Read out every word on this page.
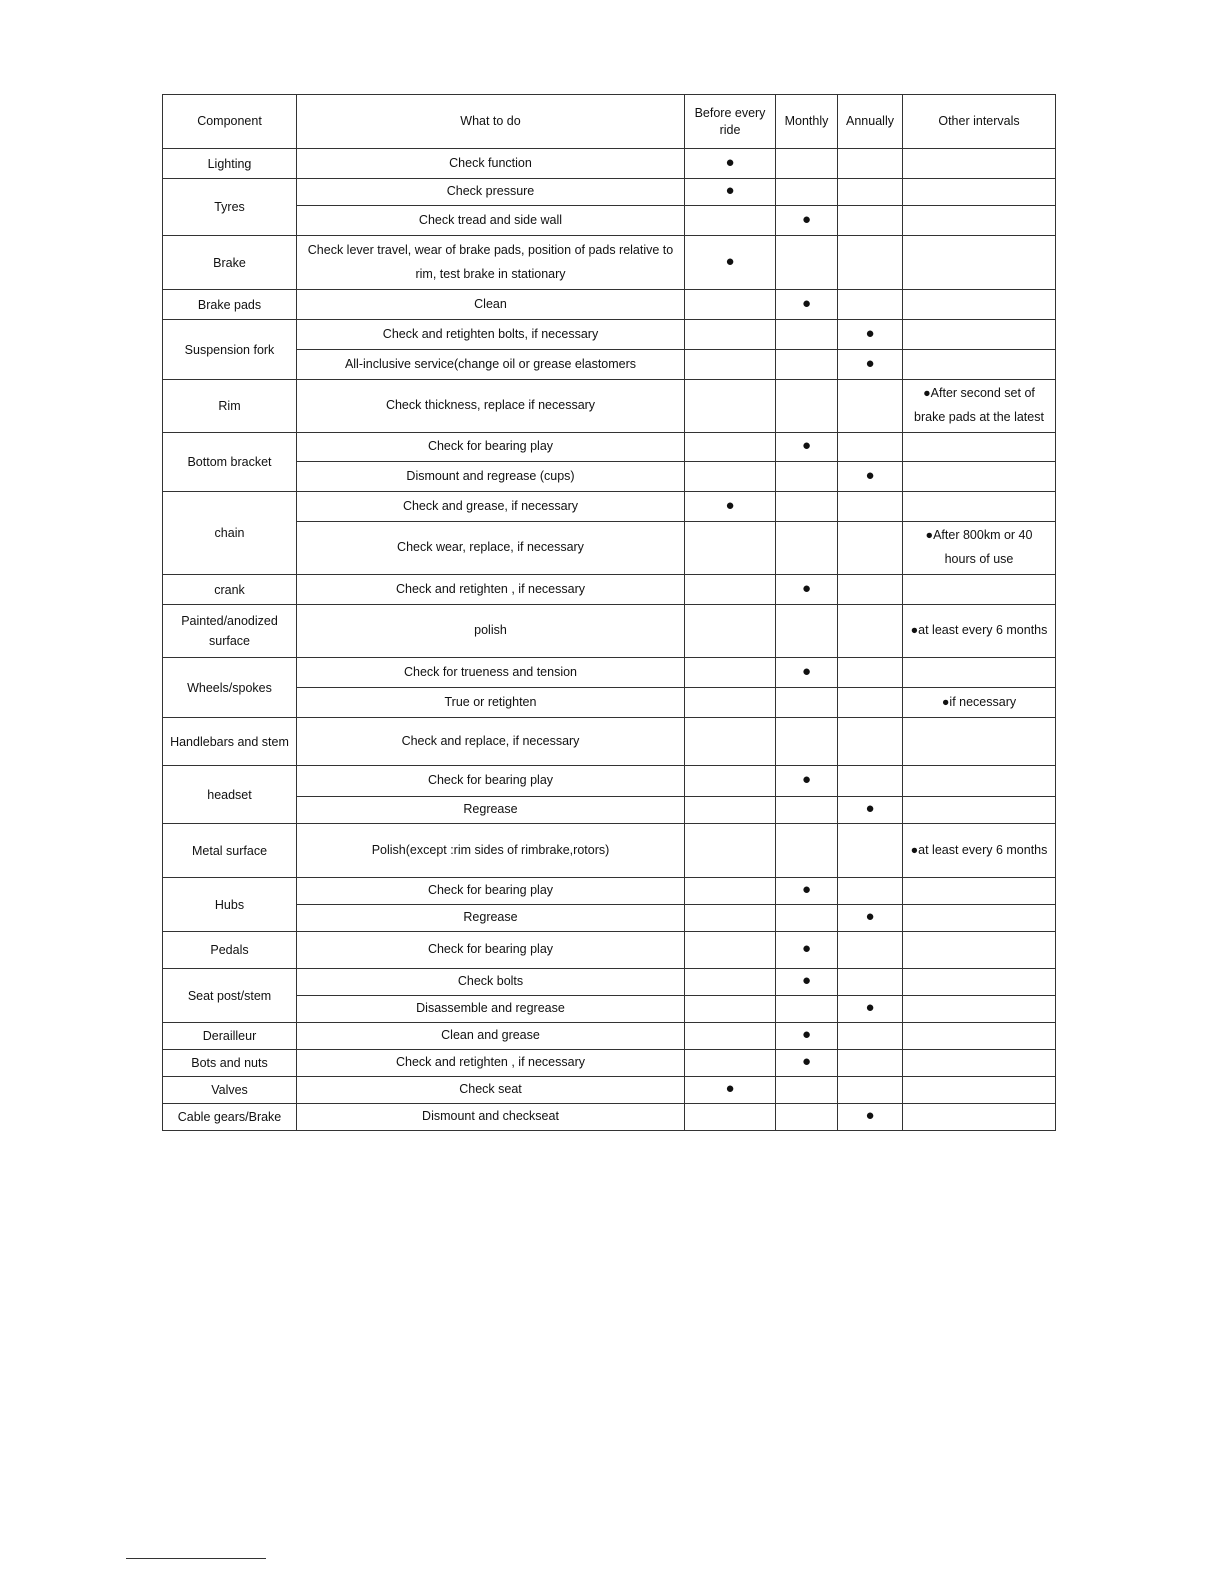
Component	What to do	Before every ride	Monthly	Annually	Other intervals
Lighting	Check function	●			
Tyres	Check pressure	●			
	Check tread and side wall		●		
Brake	Check lever travel, wear of brake pads, position of pads relative to rim, test brake in stationary	●			
Brake pads	Clean		●		
Suspension fork	Check and retighten bolts, if necessary			●	
	All-inclusive service(change oil or grease elastomers			●	
Rim	Check thickness, replace if necessary				●After second set of brake pads at the latest
Bottom bracket	Check for bearing play		●		
	Dismount and regrease (cups)			●	
chain	Check and grease, if necessary	●			
	Check wear, replace, if necessary				●After 800km or 40 hours of use
crank	Check and retighten , if necessary		●		
Painted/anodized surface	polish				●at least every 6 months
Wheels/spokes	Check for trueness and tension		●		
	True or retighten				●if necessary
Handlebars and stem	Check and replace, if necessary				
headset	Check for bearing play		●		
	Regrease			●	
Metal surface	Polish(except :rim sides of rimbrake,rotors)				●at least every 6 months
Hubs	Check for bearing play		●		
	Regrease			●	
Pedals	Check for bearing play		●		
Seat post/stem	Check bolts		●		
	Disassemble and regrease			●	
Derailleur	Clean and grease		●		
Bots and nuts	Check and retighten , if necessary		●		
Valves	Check seat	●			
Cable gears/Brake	Dismount and checkseat			●	
